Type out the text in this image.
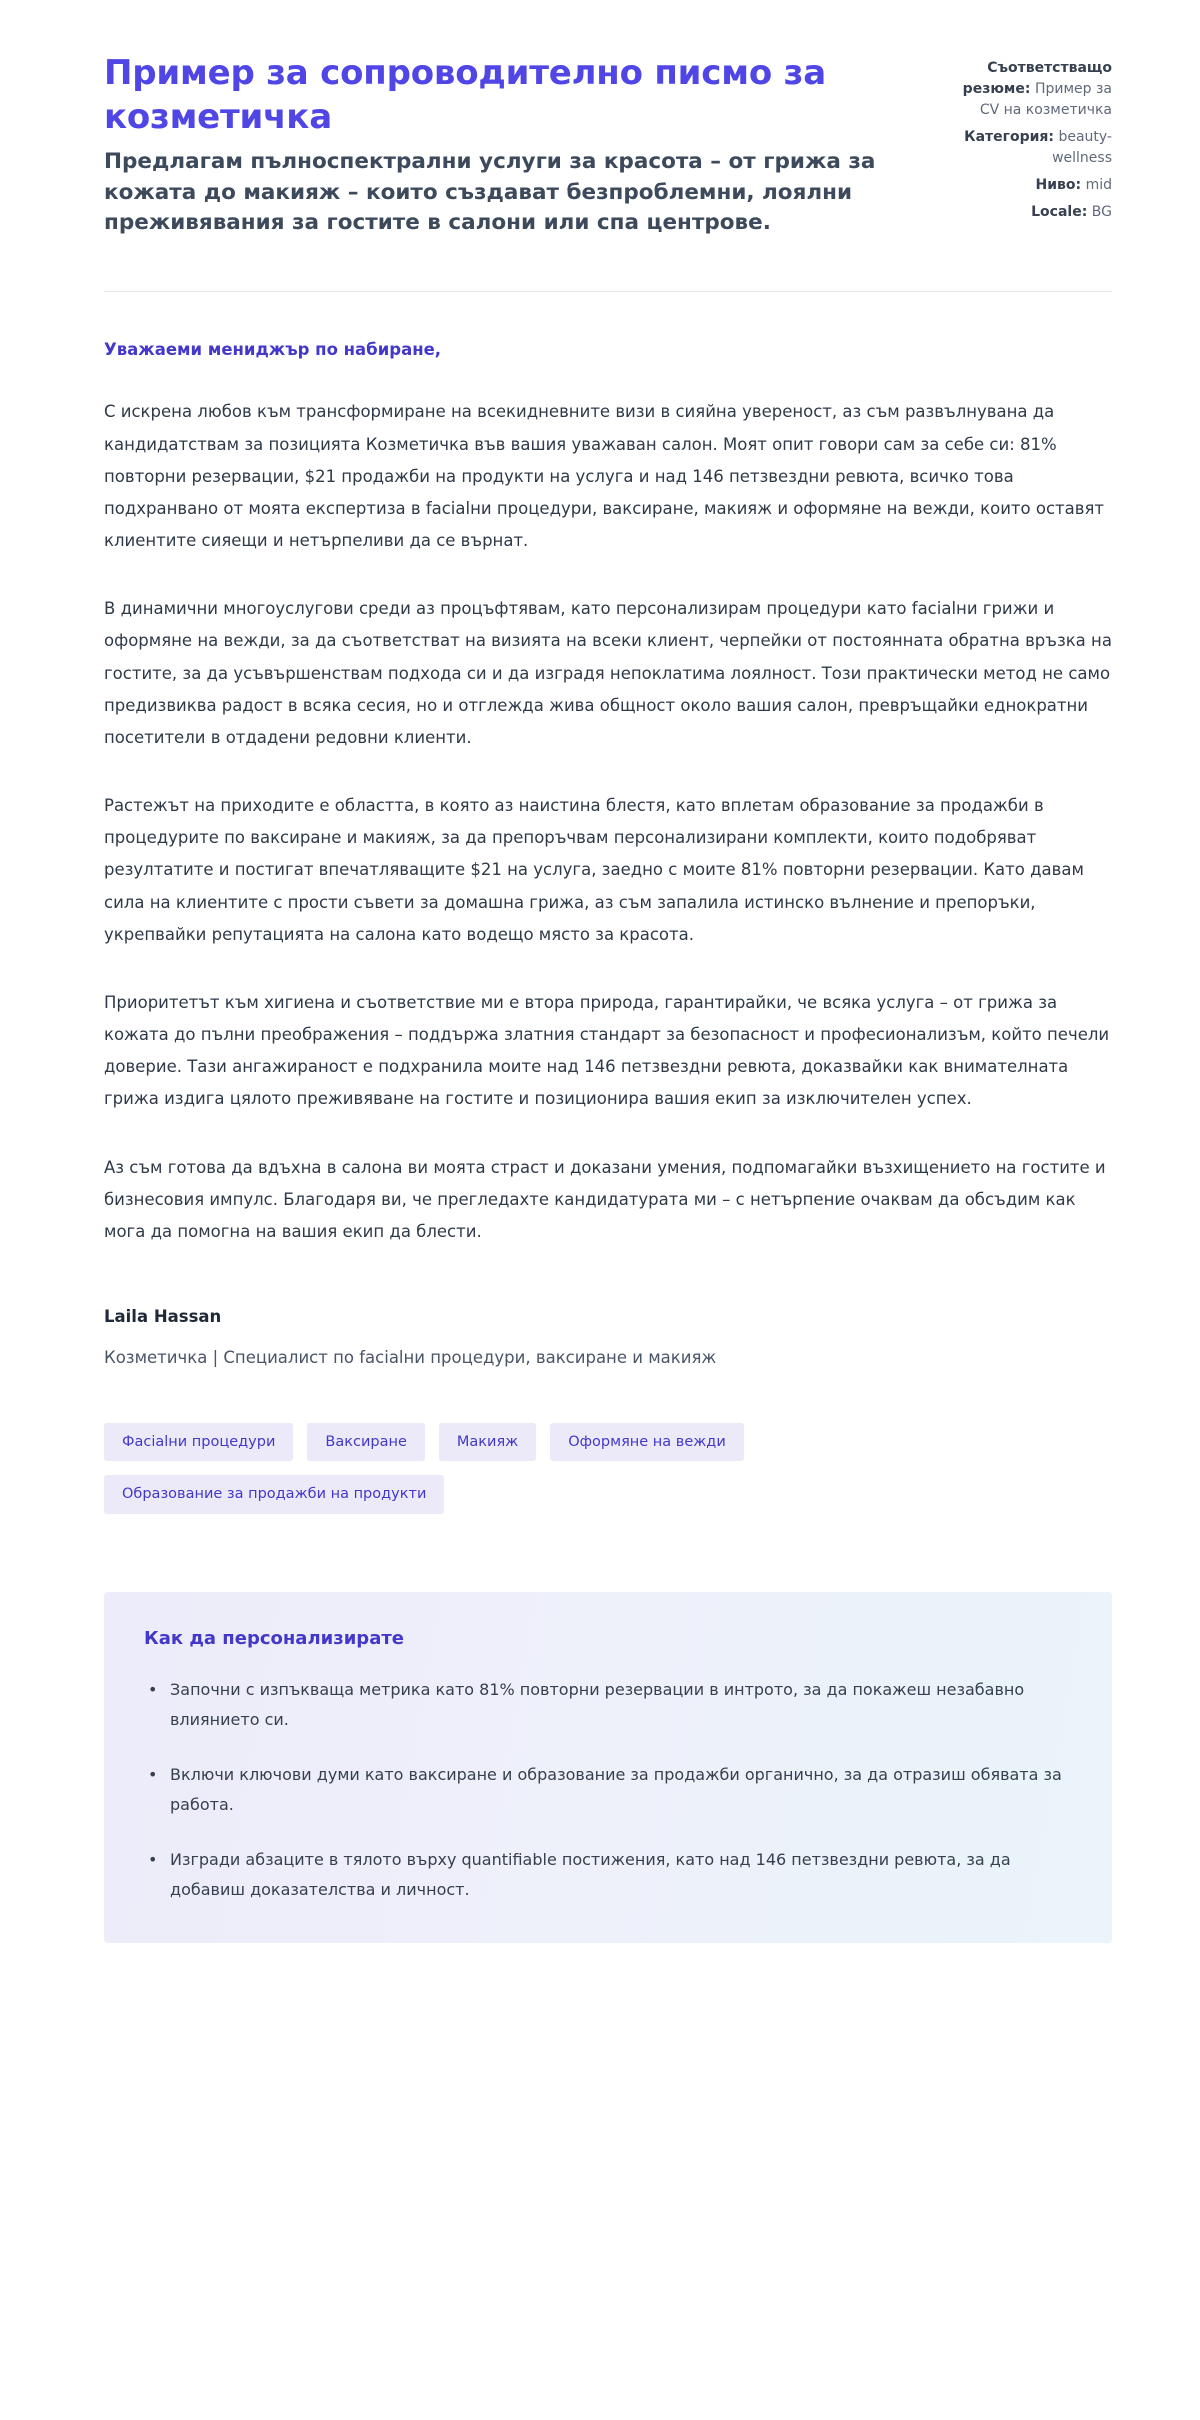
Пример за сопроводително писмо за козметичка

Предлагам пълноспектрални услуги за красота – от грижа за кожата до макияж – които създават безпроблемни, лоялни преживявания за гостите в салони или спа центрове.

Съответстващо резюме: Пример за CV на козметичка
Категория: beauty-wellness
Ниво: mid
Locale: BG

Уважаеми мениджър по набиране,

С искрена любов към трансформиране на всекидневните визи в сияйна увереност, аз съм развълнувана да кандидатствам за позицията Козметичка във вашия уважаван салон. Моят опит говори сам за себе си: 81% повторни резервации, $21 продажби на продукти на услуга и над 146 петзвездни ревюта, всичко това подхранвано от моята експертиза в facialни процедури, ваксиране, макияж и оформяне на вежди, които оставят клиентите сияещи и нетърпеливи да се върнат.

В динамични многоуслугови среди аз процъфтявам, като персонализирам процедури като facialни грижи и оформяне на вежди, за да съответстват на визията на всеки клиент, черпейки от постоянната обратна връзка на гостите, за да усъвършенствам подхода си и да изградя непоклатима лоялност. Този практически метод не само предизвиква радост в всяка сесия, но и отглежда жива общност около вашия салон, превръщайки еднократни посетители в отдадени редовни клиенти.

Растежът на приходите е областта, в която аз наистина блестя, като вплетам образование за продажби в процедурите по ваксиране и макияж, за да препоръчвам персонализирани комплекти, които подобряват резултатите и постигат впечатляващите $21 на услуга, заедно с моите 81% повторни резервации. Като давам сила на клиентите с прости съвети за домашна грижа, аз съм запалила истинско вълнение и препоръки, укрепвайки репутацията на салона като водещо място за красота.

Приоритетът към хигиена и съответствие ми е втора природа, гарантирайки, че всяка услуга – от грижа за кожата до пълни преображения – поддържа златния стандарт за безопасност и професионализъм, който печели доверие. Тази ангажираност е подхранила моите над 146 петзвездни ревюта, доказвайки как внимателната грижа издига цялото преживяване на гостите и позиционира вашия екип за изключителен успех.

Аз съм готова да вдъхна в салона ви моята страст и доказани умения, подпомагайки възхищението на гостите и бизнесовия импулс. Благодаря ви, че прегледахте кандидатурата ми – с нетърпение очаквам да обсъдим как мога да помогна на вашия екип да блести.

Laila Hassan

Козметичка | Специалист по facialни процедури, ваксиране и макияж

Фасialни процедури	Ваксиране	Макияж	Оформяне на вежди
Образование за продажби на продукти
Как да персонализирате
• Започни с изпъкваща метрика като 81% повторни резервации в интрото, за да покажеш незабавно влиянието си.
• Включи ключови думи като ваксиране и образование за продажби органично, за да отразиш обявата за работа.
• Изгради абзаците в тялото върху quantifiable постижения, като над 146 петзвездни ревюта, за да добавиш доказателства и личност.
